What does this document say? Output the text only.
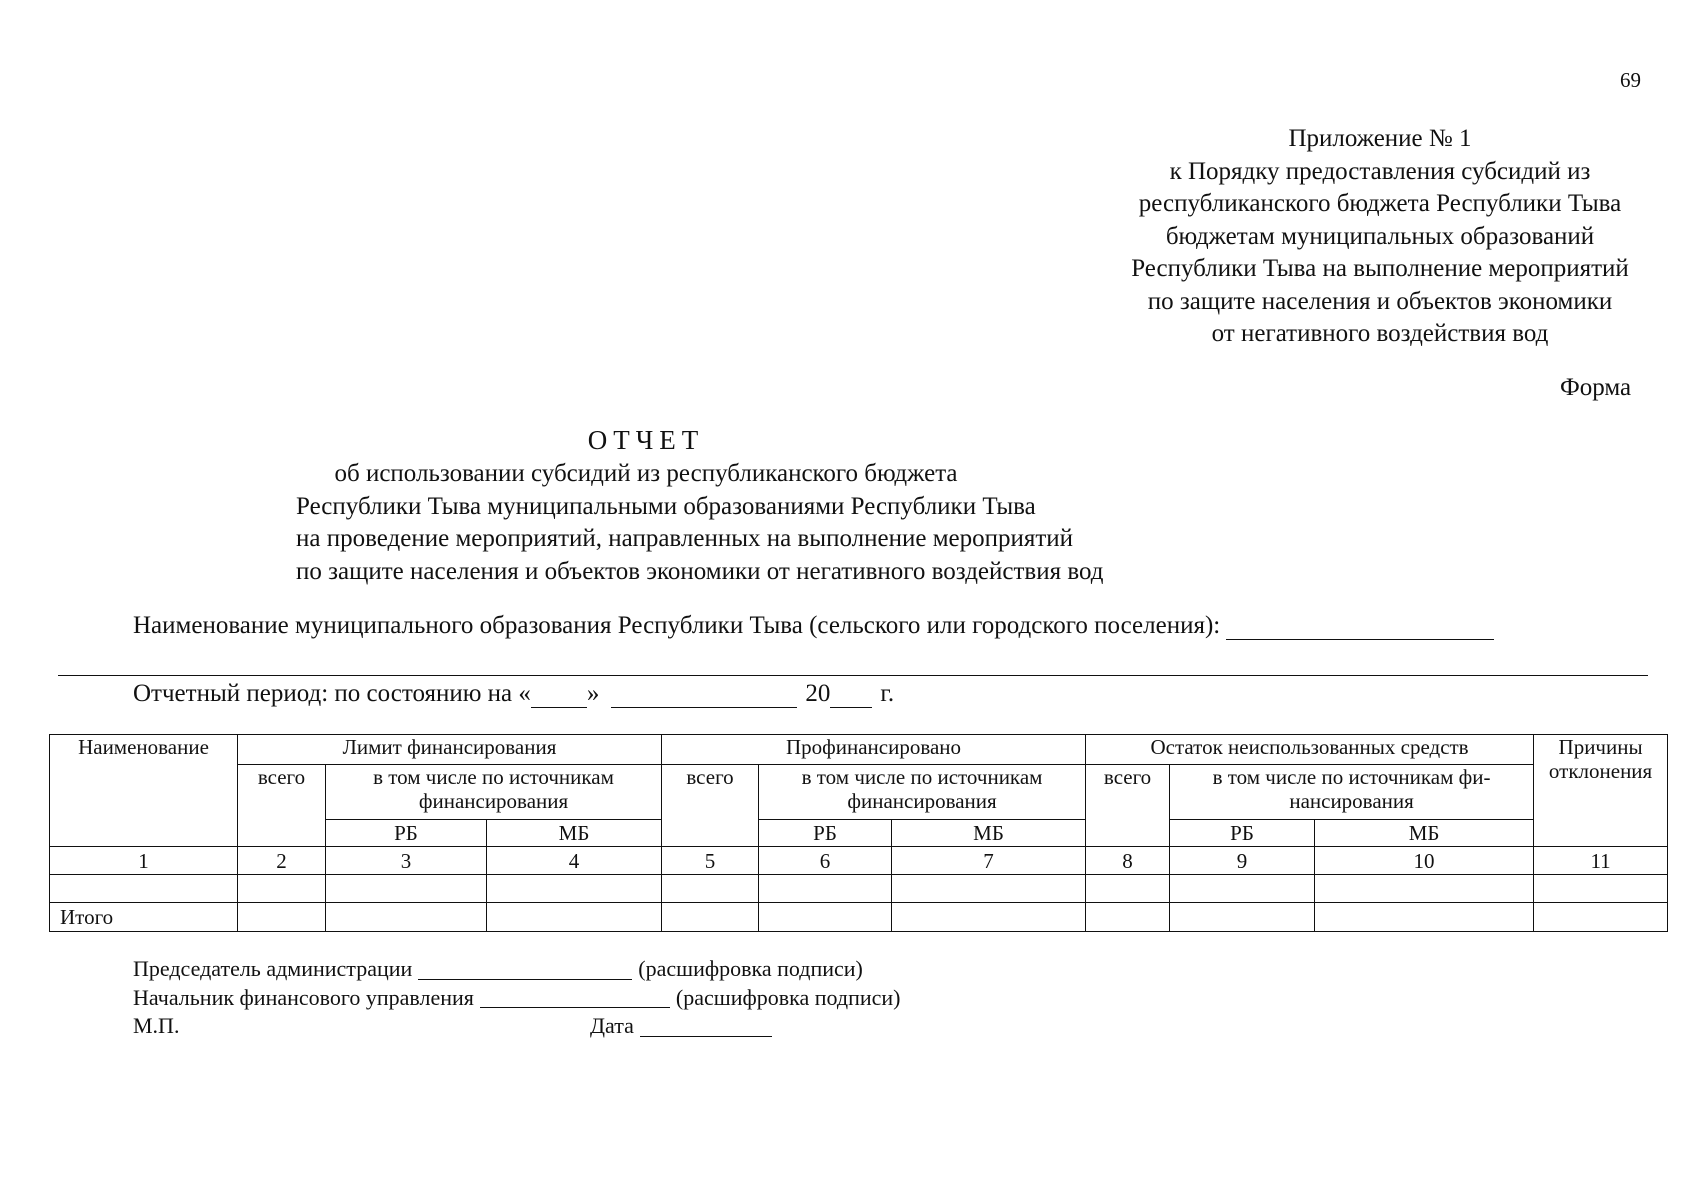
69
Приложение № 1
к Порядку предоставления субсидий из
республиканского бюджета Республики Тыва
бюджетам муниципальных образований
Республики Тыва на выполнение мероприятий
по защите населения и объектов экономики
от негативного воздействия вод
Форма
ОТЧЕТ
об использовании субсидий из республиканского бюджета
Республики Тыва муниципальными образованиями Республики Тыва
на проведение мероприятий, направленных на выполнение мероприятий
по защите населения и объектов экономики от негативного воздействия вод
Наименование муниципального образования Республики Тыва (сельского или городского поселения):
Отчетный период: по состоянию на « »	20 г.
Наименование	Лимит финансирования			Профинансировано			Остаток неиспользованных средств			Причины отклонения
	всего	в том числе по источникам финансирования		всего	в том числе по источникам финансирования		всего	в том числе по источникам фи-нансирования		
		РБ	МБ		РБ	МБ		РБ	МБ	
1	2	3	4	5	6	7	8	9	10	11

Итого										
Председатель администрации	(расшифровка подписи)
Начальник финансового управления	(расшифровка подписи)
М.П.	Дата
